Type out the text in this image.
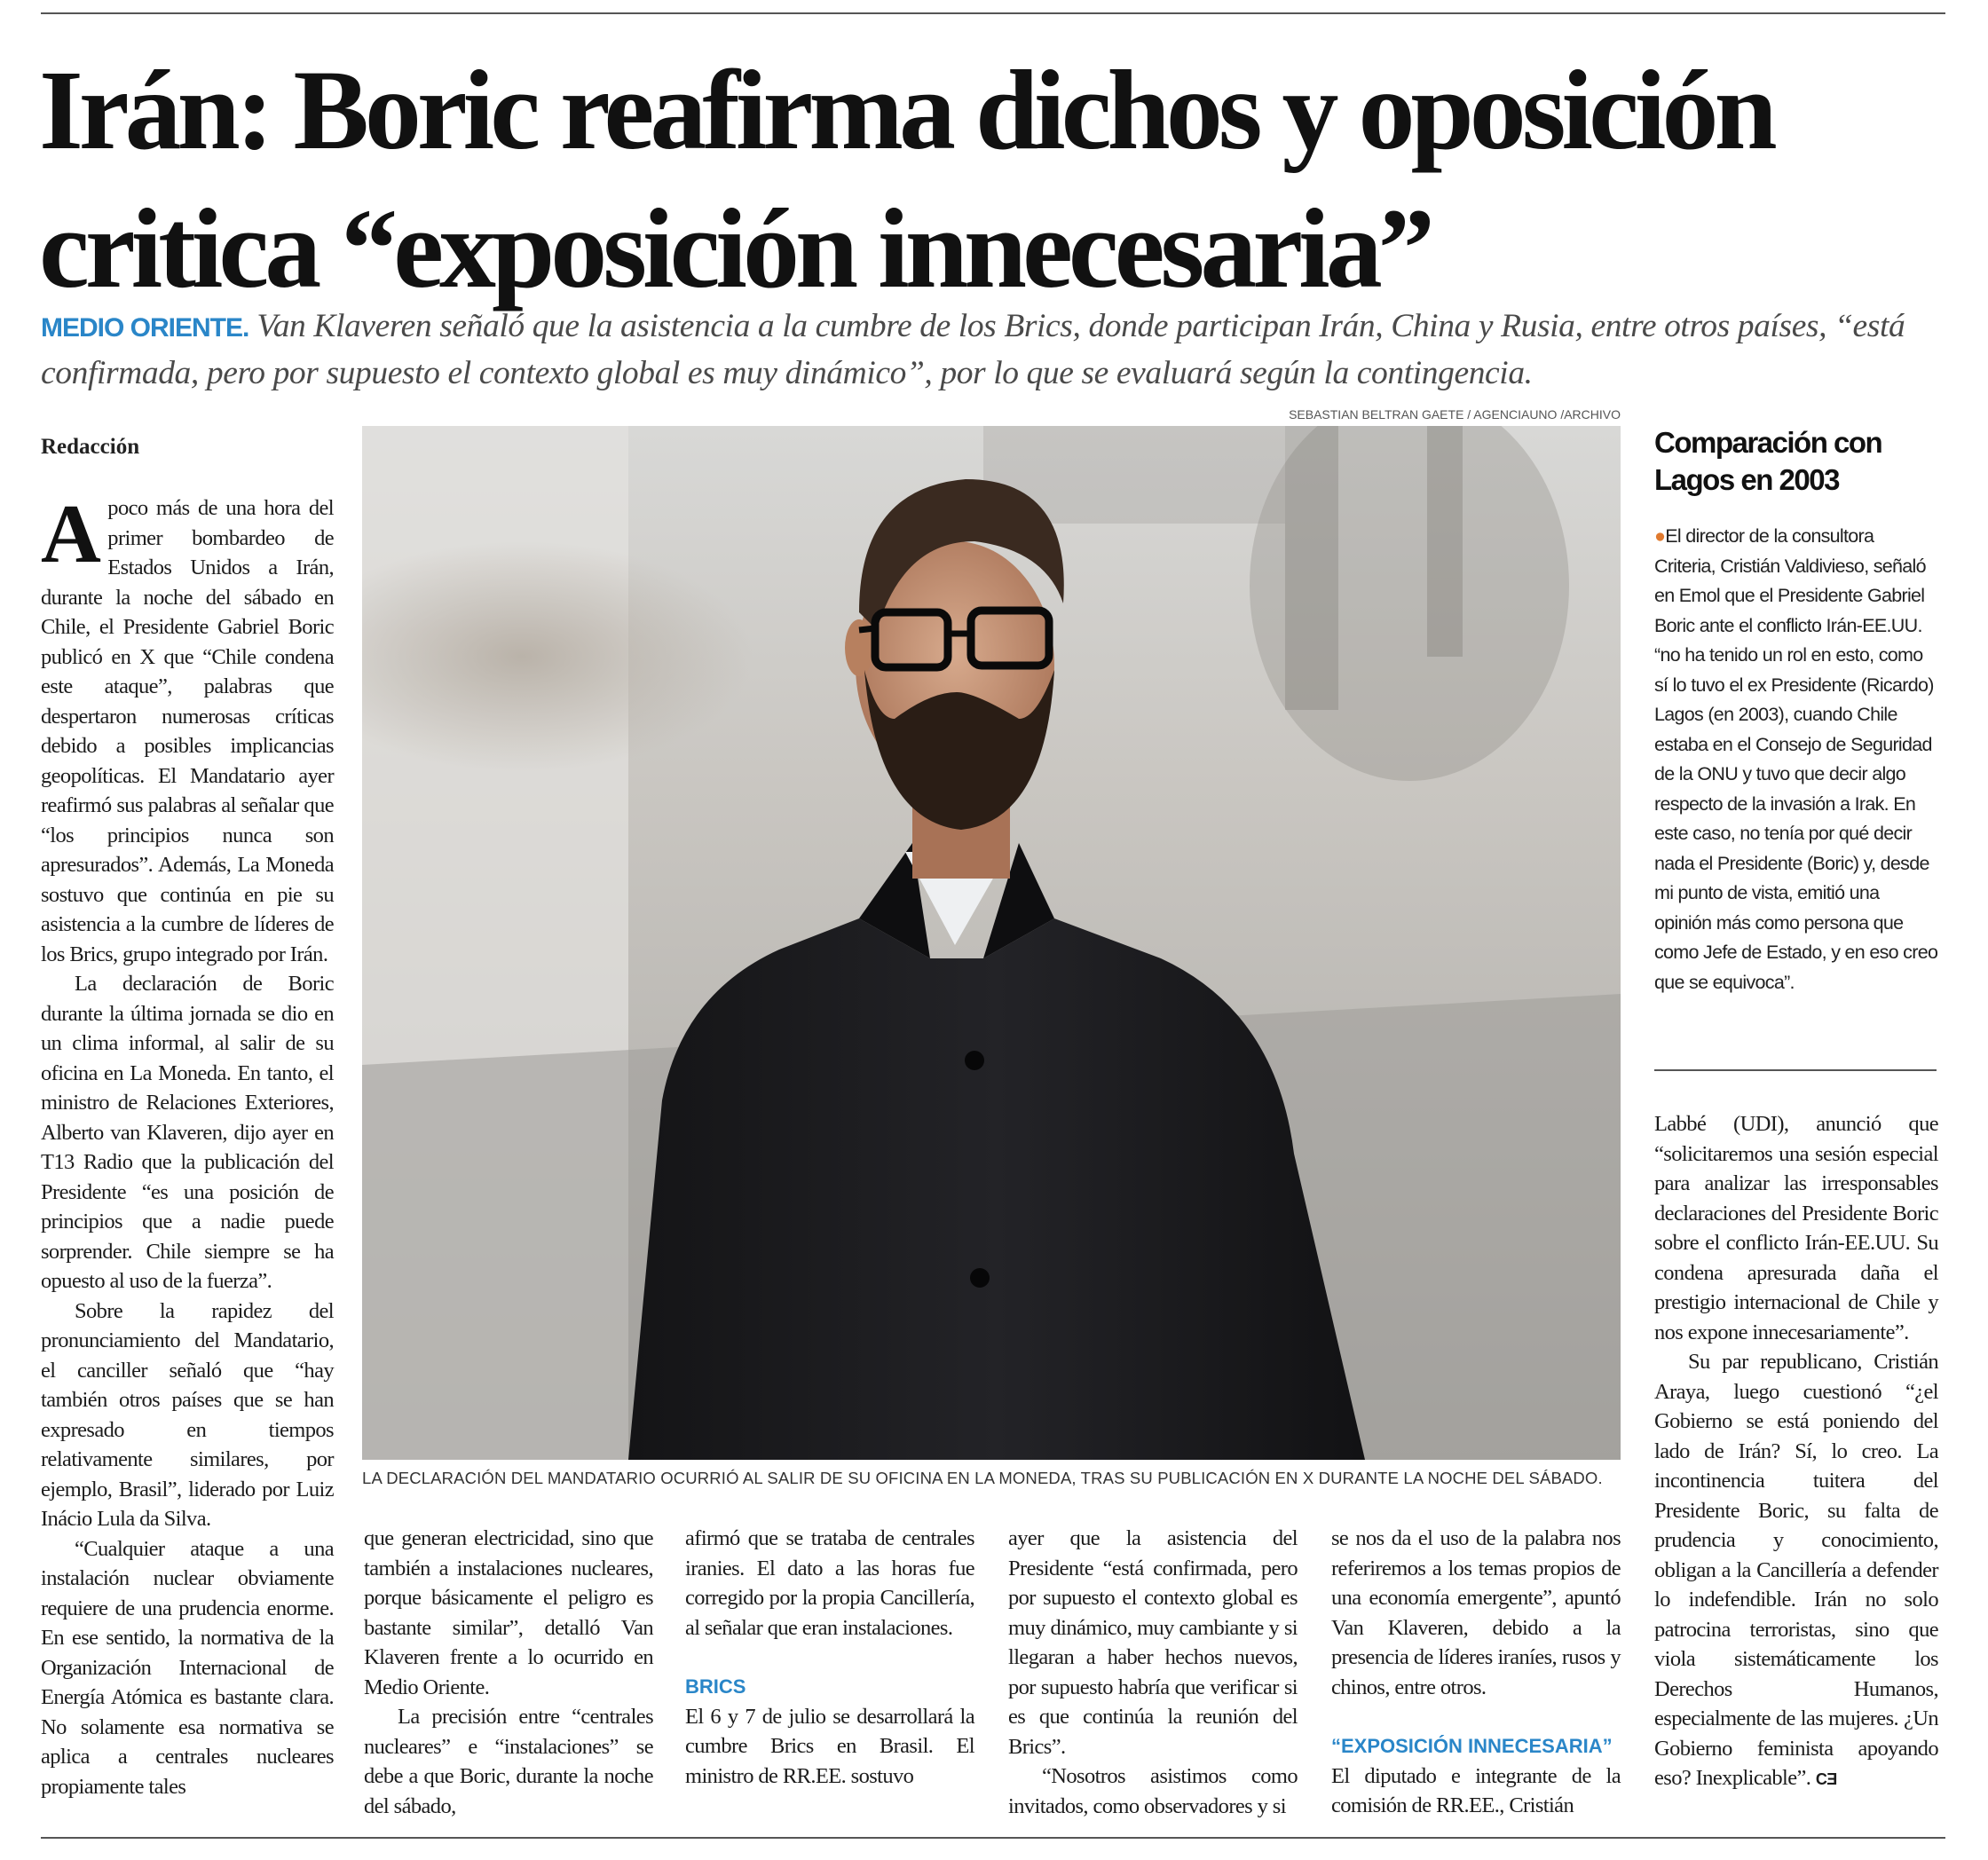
Irán: Boric reafirma dichos y oposición critica “exposición innecesaria”

MEDIO ORIENTE. Van Klaveren señaló que la asistencia a la cumbre de los Brics, donde participan Irán, China y Rusia, entre otros países, “está confirmada, pero por supuesto el contexto global es muy dinámico”, por lo que se evaluará según la contingencia.

Redacción

Apoco más de una hora del primer bombardeo de Estados Unidos a Irán, durante la noche del sábado en Chile, el Presidente Gabriel Boric publicó en X que “Chile condena este ataque”, palabras que despertaron numerosas críticas debido a posibles implicancias geopolíticas. El Mandatario ayer reafirmó sus palabras al señalar que “los principios nunca son apresurados”. Además, La Moneda sostuvo que continúa en pie su asistencia a la cumbre de líderes de los Brics, grupo integrado por Irán.

La declaración de Boric durante la última jornada se dio en un clima informal, al salir de su oficina en La Moneda. En tanto, el ministro de Relaciones Exteriores, Alberto van Klaveren, dijo ayer en T13 Radio que la publicación del Presidente “es una posición de principios que a nadie puede sorprender. Chile siempre se ha opuesto al uso de la fuerza”.

Sobre la rapidez del pronunciamiento del Mandatario, el canciller señaló que “hay también otros países que se han expresado en tiempos relativamente similares, por ejemplo, Brasil”, liderado por Luiz Inácio Lula da Silva.

“Cualquier ataque a una instalación nuclear obviamente requiere de una prudencia enorme. En ese sentido, la normativa de la Organización Internacional de Energía Atómica es bastante clara. No solamente esa normativa se aplica a centrales nucleares propiamente tales

SEBASTIAN BELTRAN GAETE / AGENCIAUNO /ARCHIVO

LA DECLARACIÓN DEL MANDATARIO OCURRIÓ AL SALIR DE SU OFICINA EN LA MONEDA, TRAS SU PUBLICACIÓN EN X DURANTE LA NOCHE DEL SÁBADO.

que generan electricidad, sino que también a instalaciones nucleares, porque básicamente el peligro es bastante similar”, detalló Van Klaveren frente a lo ocurrido en Medio Oriente.

La precisión entre “centrales nucleares” e “instalaciones” se debe a que Boric, durante la noche del sábado,

afirmó que se trataba de centrales iranies. El dato a las horas fue corregido por la propia Cancillería, al señalar que eran instalaciones.

BRICS

El 6 y 7 de julio se desarrollará la cumbre Brics en Brasil. El ministro de RR.EE. sostuvo

ayer que la asistencia del Presidente “está confirmada, pero por supuesto el contexto global es muy dinámico, muy cambiante y si llegaran a haber hechos nuevos, por supuesto habría que verificar si es que continúa la reunión del Brics”.

“Nosotros asistimos como invitados, como observadores y si

se nos da el uso de la palabra nos referiremos a los temas propios de una economía emergente”, apuntó Van Klaveren, debido a la presencia de líderes iraníes, rusos y chinos, entre otros.

“EXPOSICIÓN INNECESARIA”

El diputado e integrante de la comisión de RR.EE., Cristián

Comparación con Lagos en 2003

●El director de la consultora Criteria, Cristián Valdivieso, señaló en Emol que el Presidente Gabriel Boric ante el conflicto Irán-EE.UU. “no ha tenido un rol en esto, como sí lo tuvo el ex Presidente (Ricardo) Lagos (en 2003), cuando Chile estaba en el Consejo de Seguridad de la ONU y tuvo que decir algo respecto de la invasión a Irak. En este caso, no tenía por qué decir nada el Presidente (Boric) y, desde mi punto de vista, emitió una opinión más como persona que como Jefe de Estado, y en eso creo que se equivoca”.

Labbé (UDI), anunció que “solicitaremos una sesión especial para analizar las irresponsables declaraciones del Presidente Boric sobre el conflicto Irán-EE.UU. Su condena apresurada daña el prestigio internacional de Chile y nos expone innecesariamente”.

Su par republicano, Cristián Araya, luego cuestionó “¿el Gobierno se está poniendo del lado de Irán? Sí, lo creo. La incontinencia tuitera del Presidente Boric, su falta de prudencia y conocimiento, obligan a la Cancillería a defender lo indefendible. Irán no solo patrocina terroristas, sino que viola sistemáticamente los Derechos Humanos, especialmente de las mujeres. ¿Un Gobierno feminista apoyando eso? Inexplicable”. CƎ
